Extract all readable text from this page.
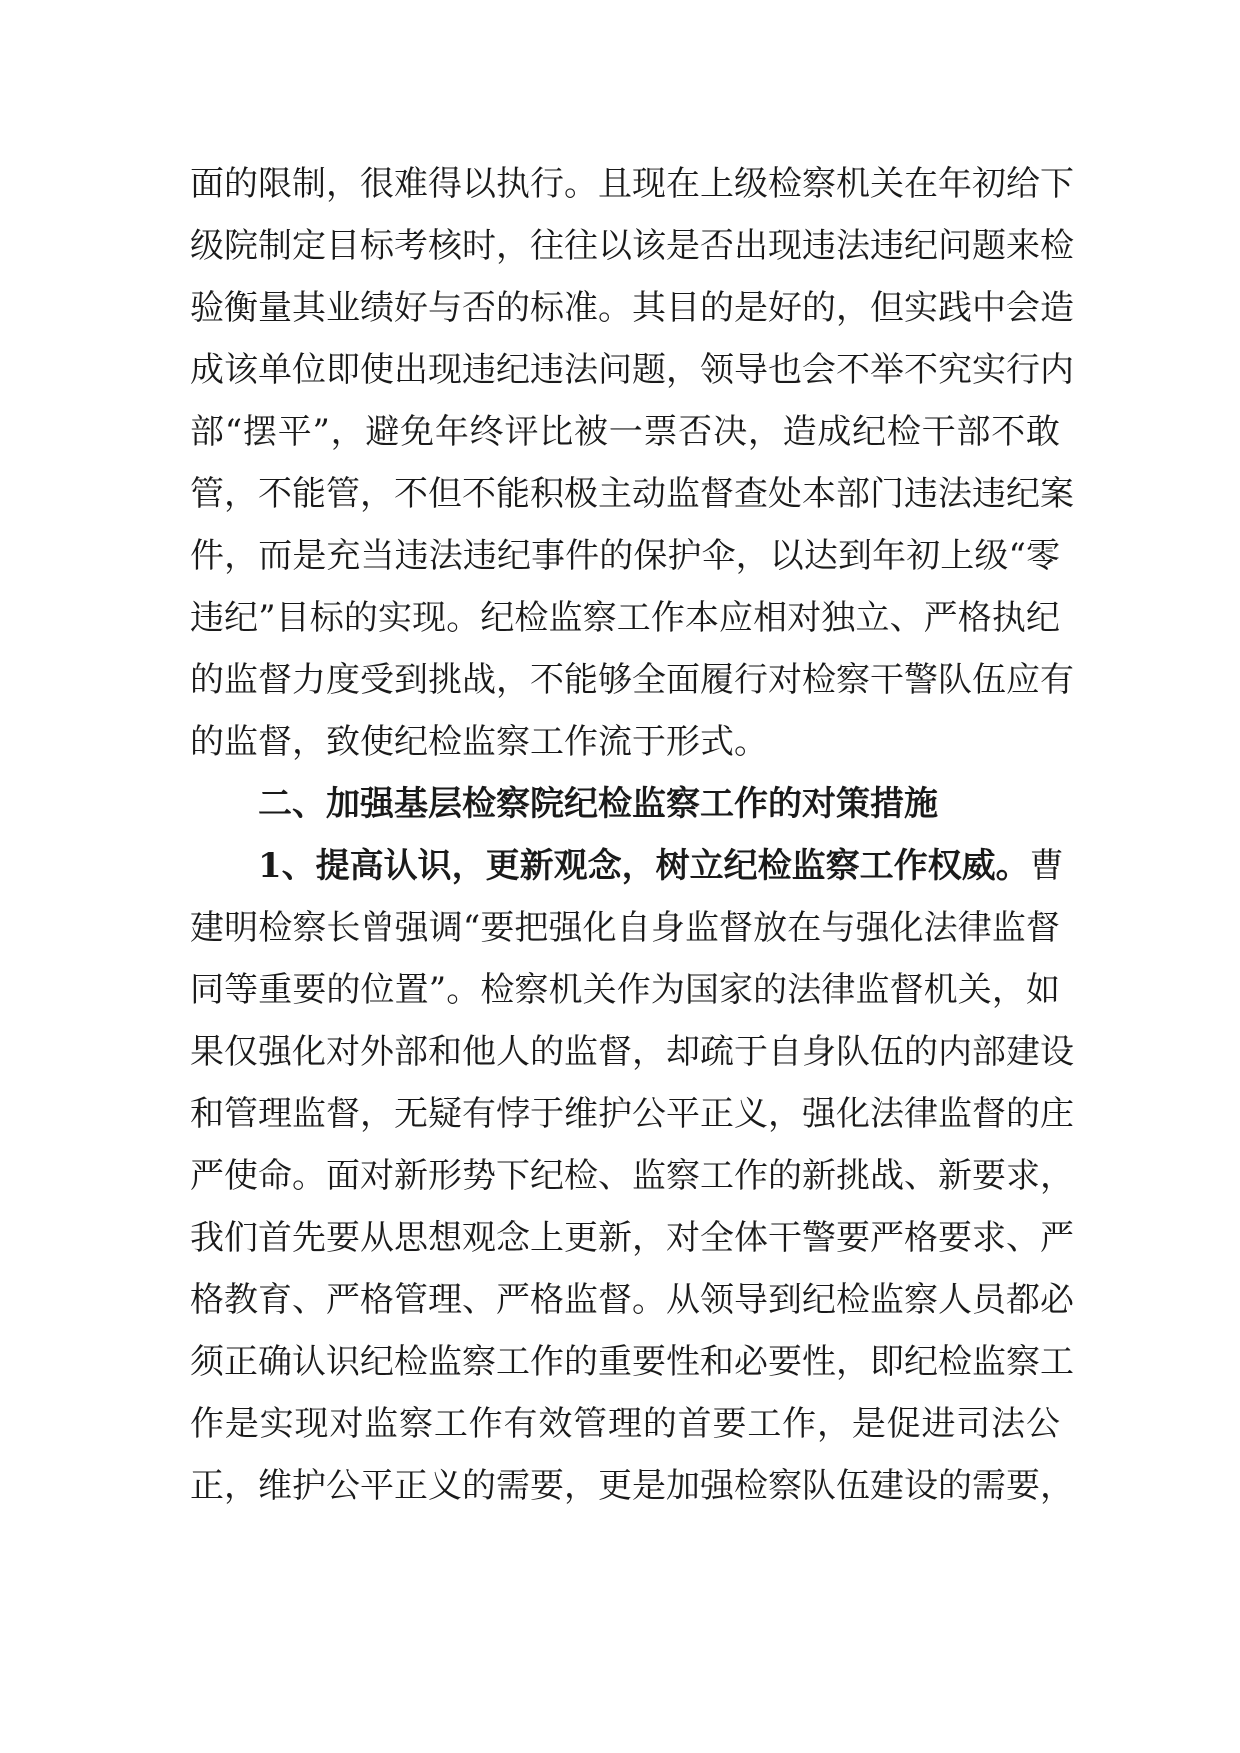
面的限制，很难得以执行。且现在上级检察机关在年初给下
级院制定目标考核时，往往以该是否出现违法违纪问题来检
验衡量其业绩好与否的标准。其目的是好的，但实践中会造
成该单位即使出现违纪违法问题，领导也会不举不究实行内
部“摆平”，避免年终评比被一票否决，造成纪检干部不敢
管，不能管，不但不能积极主动监督查处本部门违法违纪案
件，而是充当违法违纪事件的保护伞，以达到年初上级“零
违纪”目标的实现。纪检监察工作本应相对独立、严格执纪
的监督力度受到挑战，不能够全面履行对检察干警队伍应有
的监督，致使纪检监察工作流于形式。
二、加强基层检察院纪检监察工作的对策措施
1、提高认识，更新观念，树立纪检监察工作权威。曹
建明检察长曾强调“要把强化自身监督放在与强化法律监督
同等重要的位置”。检察机关作为国家的法律监督机关，如
果仅强化对外部和他人的监督，却疏于自身队伍的内部建设
和管理监督，无疑有悖于维护公平正义，强化法律监督的庄
严使命。面对新形势下纪检、监察工作的新挑战、新要求，
我们首先要从思想观念上更新，对全体干警要严格要求、严
格教育、严格管理、严格监督。从领导到纪检监察人员都必
须正确认识纪检监察工作的重要性和必要性，即纪检监察工
作是实现对监察工作有效管理的首要工作，是促进司法公
正，维护公平正义的需要，更是加强检察队伍建设的需要，
